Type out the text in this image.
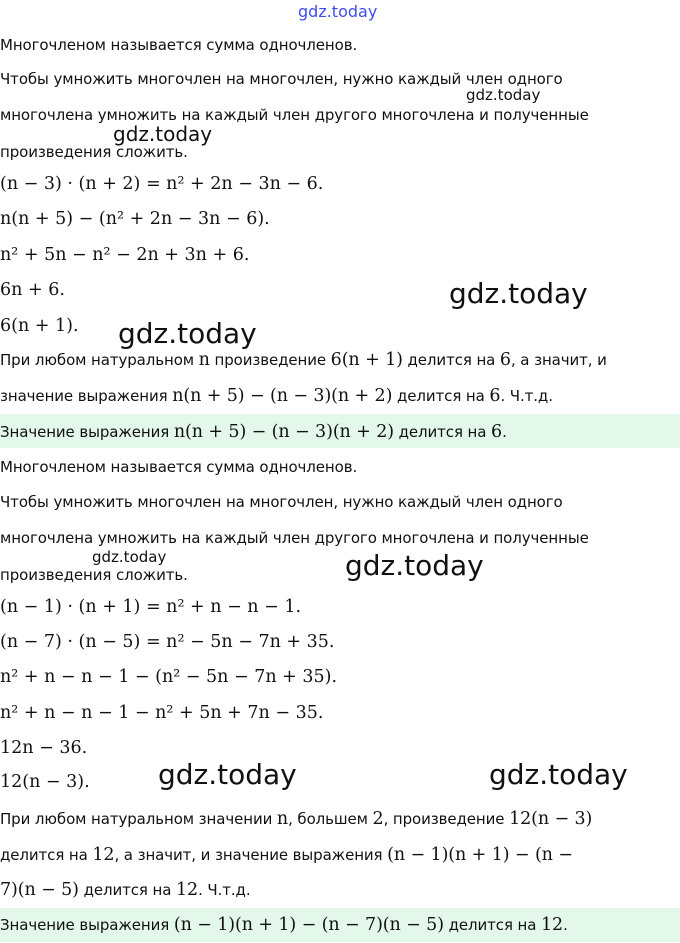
gdz.today
Многочленом называется сумма одночленов.
Чтобы умножить многочлен на многочлен, нужно каждый член одного
gdz.today
многочлена умножить на каждый член другого многочлена и полученные
gdz.today
произведения сложить.
(n − 3) · (n + 2) = n² + 2n − 3n − 6.
n(n + 5) − (n² + 2n − 3n − 6).
n² + 5n − n² − 2n + 3n + 6.
6n + 6.	gdz.today
6(n + 1). gdz.today
При любом натуральном n произведение 6(n + 1) делится на 6, а значит, и
значение выражения n(n + 5) − (n − 3)(n + 2) делится на 6. Ч.т.д.
Значение выражения n(n + 5) − (n − 3)(n + 2) делится на 6.
Многочленом называется сумма одночленов.
Чтобы умножить многочлен на многочлен, нужно каждый член одного
многочлена умножить на каждый член другого многочлена и полученные
gdz.today
произведения сложить.	gdz.today
(n − 1) · (n + 1) = n² + n − n − 1.
(n − 7) · (n − 5) = n² − 5n − 7n + 35.
n² + n − n − 1 − (n² − 5n − 7n + 35).
n² + n − n − 1 − n² + 5n + 7n − 35.
12n − 36.
12(n − 3). gdz.today	gdz.today
При любом натуральном значении n, большем 2, произведение 12(n − 3)
делится на 12, а значит, и значение выражения (n − 1)(n + 1) − (n −
7)(n − 5) делится на 12. Ч.т.д.
Значение выражения (n − 1)(n + 1) − (n − 7)(n − 5) делится на 12.
